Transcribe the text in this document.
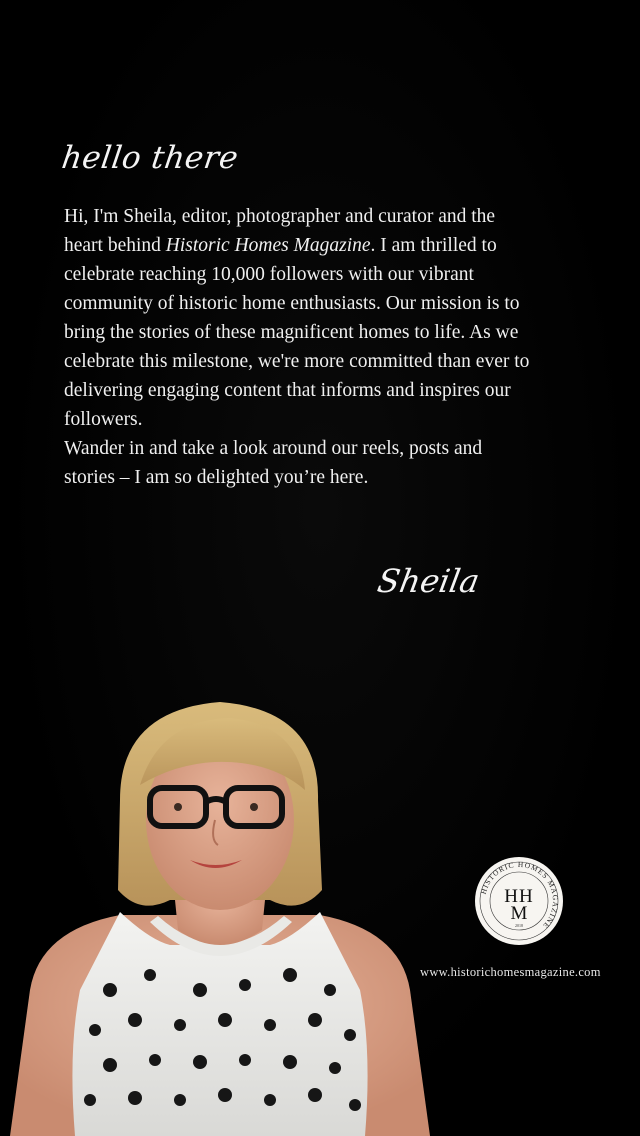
hello there

Hi, I'm Sheila, editor, photographer and curator and the heart behind Historic Homes Magazine. I am thrilled to celebrate reaching 10,000 followers with our vibrant community of historic home enthusiasts. Our mission is to bring the stories of these magnificent homes to life. As we celebrate this milestone, we're more committed than ever to delivering engaging content that informs and inspires our followers.

Wander in and take a look around our reels, posts and stories – I am so delighted you’re here.

Sheila
HISTORIC HOMES MAGAZINE
HH
M
2018
www.historichomesmagazine.com
